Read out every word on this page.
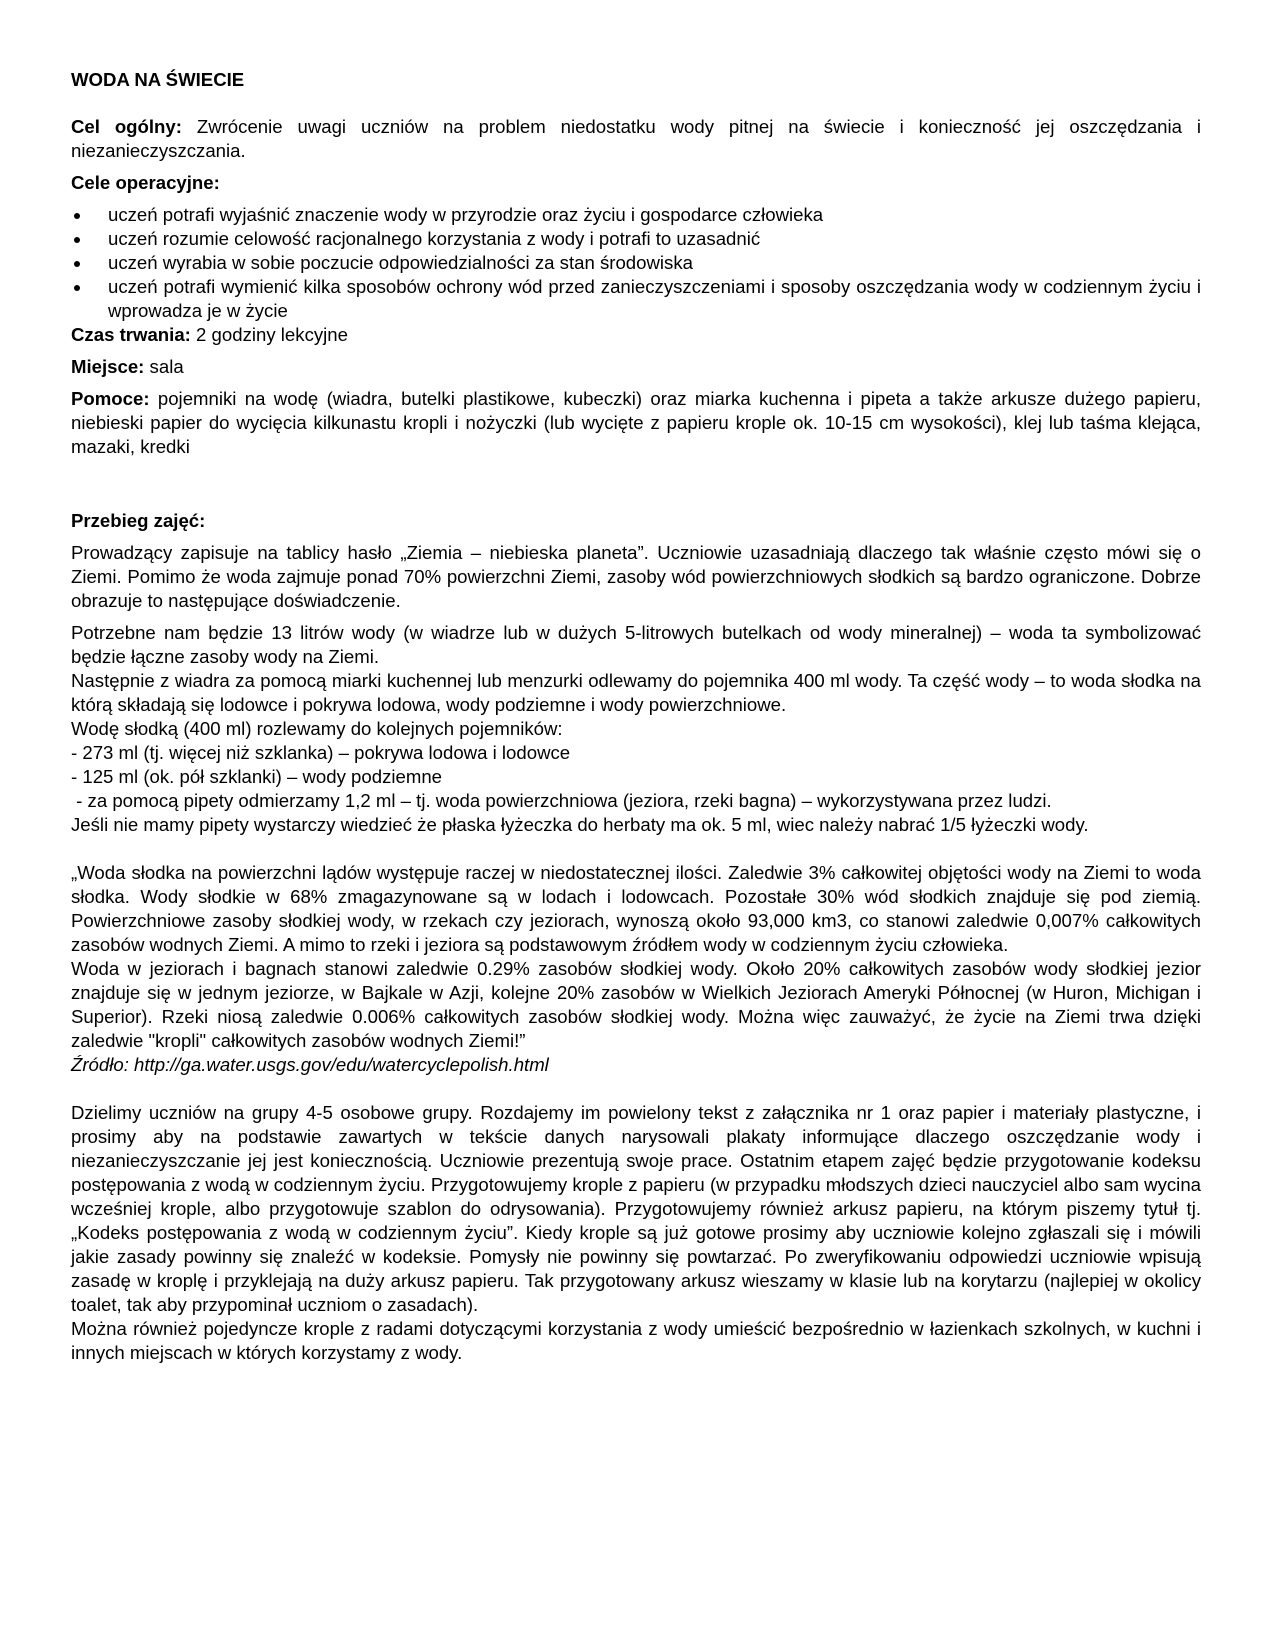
WODA NA ŚWIECIE

Cel ogólny: Zwrócenie uwagi uczniów na problem niedostatku wody pitnej na świecie i konieczność jej oszczędzania i niezanieczyszczania.

Cele operacyjne:

uczeń potrafi wyjaśnić znaczenie wody w przyrodzie oraz życiu i gospodarce człowieka
uczeń rozumie celowość racjonalnego korzystania z wody i potrafi to uzasadnić
uczeń wyrabia w sobie poczucie odpowiedzialności za stan środowiska
uczeń potrafi wymienić kilka sposobów ochrony wód przed zanieczyszczeniami i sposoby oszczędzania wody w codziennym życiu i wprowadza je w życie

Czas trwania: 2 godziny lekcyjne

Miejsce: sala

Pomoce: pojemniki na wodę (wiadra, butelki plastikowe, kubeczki) oraz miarka kuchenna i pipeta a także arkusze dużego papieru, niebieski papier do wycięcia kilkunastu kropli i nożyczki (lub wycięte z papieru krople ok. 10-15 cm wysokości), klej lub taśma klejąca, mazaki, kredki

Przebieg zajęć:

Prowadzący zapisuje na tablicy hasło „Ziemia – niebieska planeta”. Uczniowie uzasadniają dlaczego tak właśnie często mówi się o Ziemi. Pomimo że woda zajmuje ponad 70% powierzchni Ziemi, zasoby wód powierzchniowych słodkich są bardzo ograniczone. Dobrze obrazuje to następujące doświadczenie.

Potrzebne nam będzie 13 litrów wody (w wiadrze lub w dużych 5-litrowych butelkach od wody mineralnej) – woda ta symbolizować będzie łączne zasoby wody na Ziemi.

Następnie z wiadra za pomocą miarki kuchennej lub menzurki odlewamy do pojemnika 400 ml wody. Ta część wody – to woda słodka na którą składają się lodowce i pokrywa lodowa, wody podziemne i wody powierzchniowe.

Wodę słodką (400 ml) rozlewamy do kolejnych pojemników:

- 273 ml (tj. więcej niż szklanka) – pokrywa lodowa i lodowce

- 125 ml (ok. pół szklanki) – wody podziemne

- za pomocą pipety odmierzamy 1,2 ml – tj. woda powierzchniowa (jeziora, rzeki bagna) – wykorzystywana przez ludzi.

Jeśli nie mamy pipety wystarczy wiedzieć że płaska łyżeczka do herbaty ma ok. 5 ml, wiec należy nabrać 1/5 łyżeczki wody.

„Woda słodka na powierzchni lądów występuje raczej w niedostatecznej ilości. Zaledwie 3% całkowitej objętości wody na Ziemi to woda słodka. Wody słodkie w 68% zmagazynowane są w lodach i lodowcach. Pozostałe 30% wód słodkich znajduje się pod ziemią. Powierzchniowe zasoby słodkiej wody, w rzekach czy jeziorach, wynoszą około 93,000 km3, co stanowi zaledwie 0,007% całkowitych zasobów wodnych Ziemi. A mimo to rzeki i jeziora są podstawowym źródłem wody w codziennym życiu człowieka.

Woda w jeziorach i bagnach stanowi zaledwie 0.29% zasobów słodkiej wody. Około 20% całkowitych zasobów wody słodkiej jezior znajduje się w jednym jeziorze, w Bajkale w Azji, kolejne 20% zasobów w Wielkich Jeziorach Ameryki Północnej (w Huron, Michigan i Superior). Rzeki niosą zaledwie 0.006% całkowitych zasobów słodkiej wody. Można więc zauważyć, że życie na Ziemi trwa dzięki zaledwie "kropli" całkowitych zasobów wodnych Ziemi!”

Źródło: http://ga.water.usgs.gov/edu/watercyclepolish.html

Dzielimy uczniów na grupy 4-5 osobowe grupy. Rozdajemy im powielony tekst z załącznika nr 1 oraz papier i materiały plastyczne, i prosimy aby na podstawie zawartych w tekście danych narysowali plakaty informujące dlaczego oszczędzanie wody i niezanieczyszczanie jej jest koniecznością. Uczniowie prezentują swoje prace. Ostatnim etapem zajęć będzie przygotowanie kodeksu postępowania z wodą w codziennym życiu. Przygotowujemy krople z papieru (w przypadku młodszych dzieci nauczyciel albo sam wycina wcześniej krople, albo przygotowuje szablon do odrysowania). Przygotowujemy również arkusz papieru, na którym piszemy tytuł tj. „Kodeks postępowania z wodą w codziennym życiu”. Kiedy krople są już gotowe prosimy aby uczniowie kolejno zgłaszali się i mówili jakie zasady powinny się znaleźć w kodeksie. Pomysły nie powinny się powtarzać. Po zweryfikowaniu odpowiedzi uczniowie wpisują zasadę w kroplę i przyklejają na duży arkusz papieru. Tak przygotowany arkusz wieszamy w klasie lub na korytarzu (najlepiej w okolicy toalet, tak aby przypominał uczniom o zasadach).

Można również pojedyncze krople z radami dotyczącymi korzystania z wody umieścić bezpośrednio w łazienkach szkolnych, w kuchni i innych miejscach w których korzystamy z wody.
